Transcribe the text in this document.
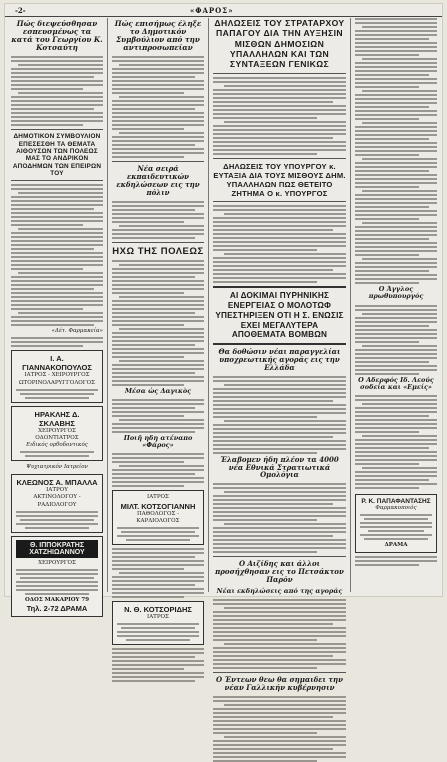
-2-	«ΦΑΡΟΣ»
Πώς διεψεύσθησαν εσπευσμένως τα κατά του Γεωργίου Κ. Κοτσαύτη
ΔΗΜΟΤΙΚΟΝ ΣΥΜΒΟΥΛΙΟΝ ΕΠΕΣΕΣΘΗ ΤΑ ΘΕΜΑΤΑ ΑΙΘΟΥΣΩΝ ΤΩΝ ΠΟΛΕΩΣ ΜΑΣ ΤΟ ΑΝΔΡΙΚΟΝ ΑΠΟΔΗΜΩΝ ΤΩΝ ΕΠΕΙΡΩΝ ΤΟΥ
«Δέτ. Φαρμακεία»
Ι. Α. ΓΙΑΝΝΑΚΟΠΟΥΛΟΣ
ΙΑΤΡΟΣ - ΧΕΙΡΟΥΡΓΟΣ
ΩΤΟΡΙΝΟΛΑΡΥΓΓΟΛΟΓΟΣ
ΗΡΑΚΛΗΣ Δ. ΣΚΛΑΒΗΣ
ΧΕΙΡΟΥΡΓΟΣ ΟΔΟΝΤΙΑΤΡΟΣ
Ειδικός ορθοδοντικός
Ψυχιατρικόν Ιατρείον
ΚΛΕΩΝΟΣ Α. ΜΠΑΛΛΑ
ΙΑΤΡΟΥ
ΑΚΤΙΝΟΛΟΓΟΥ - ΡΑΔΙΟΛΟΓΟΥ
Θ. ΙΠΠΟΚΡΑΤΗΣ ΧΑΤΖΗΙΩΑΝΝΟΥ
ΧΕΙΡΟΥΡΓΟΣ
ΟΔΟΣ ΜΑΚΑΡΙΟΥ 79
Τηλ. 2-72 ΔΡΑΜΑ
Πώς επισήμως έληξε το Δημοτικόν Συμβούλιον από την αντιπροσωπείαν
Νέα σειρά εκπαιδευτικών εκδηλώσεων εις την πόλιν
ΗΧΩ ΤΗΣ ΠΟΛΕΩΣ
Μέσα ὡς Δαγικὸς
Ποιῆ ηδη ατέναπο «Φάρος»
ΙΑΤΡΟΣ
ΜΙΛΤ. ΚΟΤΣΟΓΙΑΝΝΗ
ΠΑΘΟΛΟΓΟΣ - ΚΑΡΔΙΟΛΟΓΟΣ
Ν. Θ. ΚΟΤΣΟΡΙΔΗΣ
ΙΑΤΡΟΣ
ΔΗΛΩΣΕΙΣ ΤΟΥ ΣΤΡΑΤΑΡΧΟΥ ΠΑΠΑΓΟΥ ΔΙΑ ΤΗΝ ΑΥΞΗΣΙΝ ΜΙΣΘΩΝ ΔΗΜΟΣΙΩΝ ΥΠΑΛΛΗΛΩΝ ΚΑΙ ΤΩΝ ΣΥΝΤΑΞΕΩΝ ΓΕΝΙΚΩΣ
ΔΗΛΩΣΕΙΣ ΤΟΥ ΥΠΟΥΡΓΟΥ κ. ΕΥΤΑΞΙΑ ΔΙΑ ΤΟΥΣ ΜΙΣΘΟΥΣ ΔΗΜ. ΥΠΑΛΛΗΛΩΝ ΠΩΣ ΘΕΤΕΙΤΟ ΖΗΤΗΜΑ Ο κ. ΥΠΟΥΡΓΟΣ
ΑΙ ΔΟΚΙΜΑΙ ΠΥΡΗΝΙΚΗΣ ΕΝΕΡΓΕΙΑΣ Ο ΜΟΛΟΤΩΦ ΥΠΕΣΤΗΡΙΞΕΝ ΟΤΙ Η Σ. ΕΝΩΣΙΣ ΕΧΕΙ ΜΕΓΑΛΥΤΕΡΑ ΑΠΟΘΕΜΑΤΑ ΒΟΜΒΩΝ
Θα δοθώσιν νέαι παραγγελίαι υποχρεωτικής αγοράς εις την Ελλάδα
Έλαβομεν ήδη πλέον τα 4000 νέα Εθνικά Στρατιωτικά Ομολόγια
Ο Αιζίδης και άλλοι προσήχθησαν εις το Πετσάκτον Παρόν
Νέαι εκδηλώσεις από της αγοράς
Ο Έντεων θεω θα σημαιδει την νέαν Γαλλικήν κυβέρνησιν
Ο Άγγλος πρωθυπουργός
Ο Αδερφός Ιδ. Λεούς σοδεία και «Εμείς»
Ρ. Κ. ΠΑΠΑΦΑΝΤΑΣΗΣ
Φαρμακοποιός
ΔΡΑΜΑ
